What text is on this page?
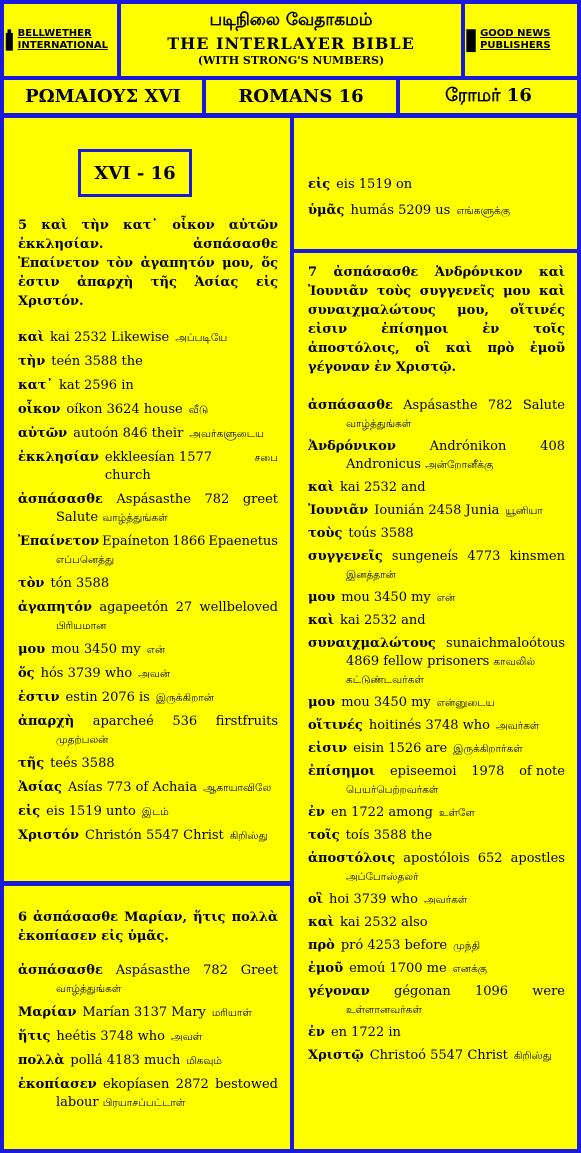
BELLWETHER INTERNATIONAL
படிநிலை வேதாகமம்
THE INTERLAYER BIBLE
(WITH STRONG'S NUMBERS)
GOOD NEWS PUBLISHERS
ΡΩΜΑΙΟΥΣ XVI	ROMANS 16	ரோமர் 16
5 καὶ τὴν κατ᾽ οἶκον αὐτῶν ἐκκλησίαν. ἀσπάσασθε Ἐπαίνετον τὸν ἀγαπητόν μου, ὅς ἐστιν ἀπαρχὴ τῆς Ἀσίας εἰς Χριστόν.
καὶ kai 2532 Likewise அப்படியே
τὴν teén 3588 the
κατ᾽ kat 2596 in
οἶκον oíkon 3624 house வீடு
αὐτῶν autoón 846 their அவர்களுடைய
ἐκκλησίαν ekkleesían 1577 church
சபை
ἀσπάσασθε Aspásasthe 782 greet
Salute வாழ்த்துங்கள்
Ἐπαίνετον Epaíneton 1866 Epaenetus
எப்பனெத்து
τὸν tón 3588
ἀγαπητόν agapeetón 27 wellbeloved
பிரியமான
μου mou 3450 my என்
ὅς hós 3739 who அவன்
ἐστιν estin 2076 is இருக்கிறான்
ἀπαρχὴ aparcheé 536 firstfruits
முதற்பலன்
τῆς teés 3588
Ἀσίας Asías 773 of Achaia ஆகாயாவிலே
εἰς eis 1519 unto இடம்
Χριστόν Christón 5547 Christ கிறிஸ்து
XVI - 16
6 ἀσπάσασθε Μαρίαν, ἥτις πολλὰ ἐκοπίασεν εἰς ὑμᾶς.
ἀσπάσασθε Aspásasthe 782 Greet
வாழ்த்துங்கள்
Μαρίαν Marían 3137 Mary மரியாள்
ἥτις heétis 3748 who அவள்
πολλὰ pollá 4183 much மிகவும்
ἐκοπίασεν ekopíasen 2872 bestowed
labour பிரயாசப்பட்டாள்
εἰς eis 1519 on
ὑμᾶς humás 5209 us எங்களுக்கு
7 ἀσπάσασθε Ἀνδρόνικον καὶ Ἰουνιᾶν τοὺς συγγενεῖς μου καὶ συναιχμαλώτους μου, οἵτινές εἰσιν ἐπίσημοι ἐν τοῖς ἀποστόλοις, οἳ καὶ πρὸ ἐμοῦ γέγοναν ἐν Χριστῷ.
ἀσπάσασθε Aspásasthe 782 Salute
வாழ்த்துங்கள்
Ἀνδρόνικον	Andrónikon	408
Andronicus அன்றோனீக்கு
καὶ kai 2532 and
Ἰουνιᾶν Iounián 2458 Junia யூனியா
τοὺς toús 3588
συγγενεῖς sungeneís 4773 kinsmen
இனத்தான்
μου mou 3450 my என்
καὶ kai 2532 and
συναιχμαλώτους sunaichmaloótous
4869 fellow prisoners காவலில் கட்டுண்டவர்கள்
μου mou 3450 my என்னுடைய
οἵτινές hoitinés 3748 who அவர்கள்
εἰσιν eisin 1526 are இருக்கிறார்கள்
ἐπίσημοι episeemoi 1978 of note
பெயர்பெற்றவர்கள்
ἐν en 1722 among உள்ளே
τοῖς toís 3588 the
ἀποστόλοις apostólois 652 apostles
அப்போஸ்தலர்
οἳ hoi 3739 who அவர்கள்
καὶ kai 2532 also
πρὸ pró 4253 before முந்தி
ἐμοῦ emoú 1700 me எனக்கு
γέγοναν gégonan 1096 were
உள்ளானவர்கள்
ἐν en 1722 in
Χριστῷ Christoó 5547 Christ கிறிஸ்து
